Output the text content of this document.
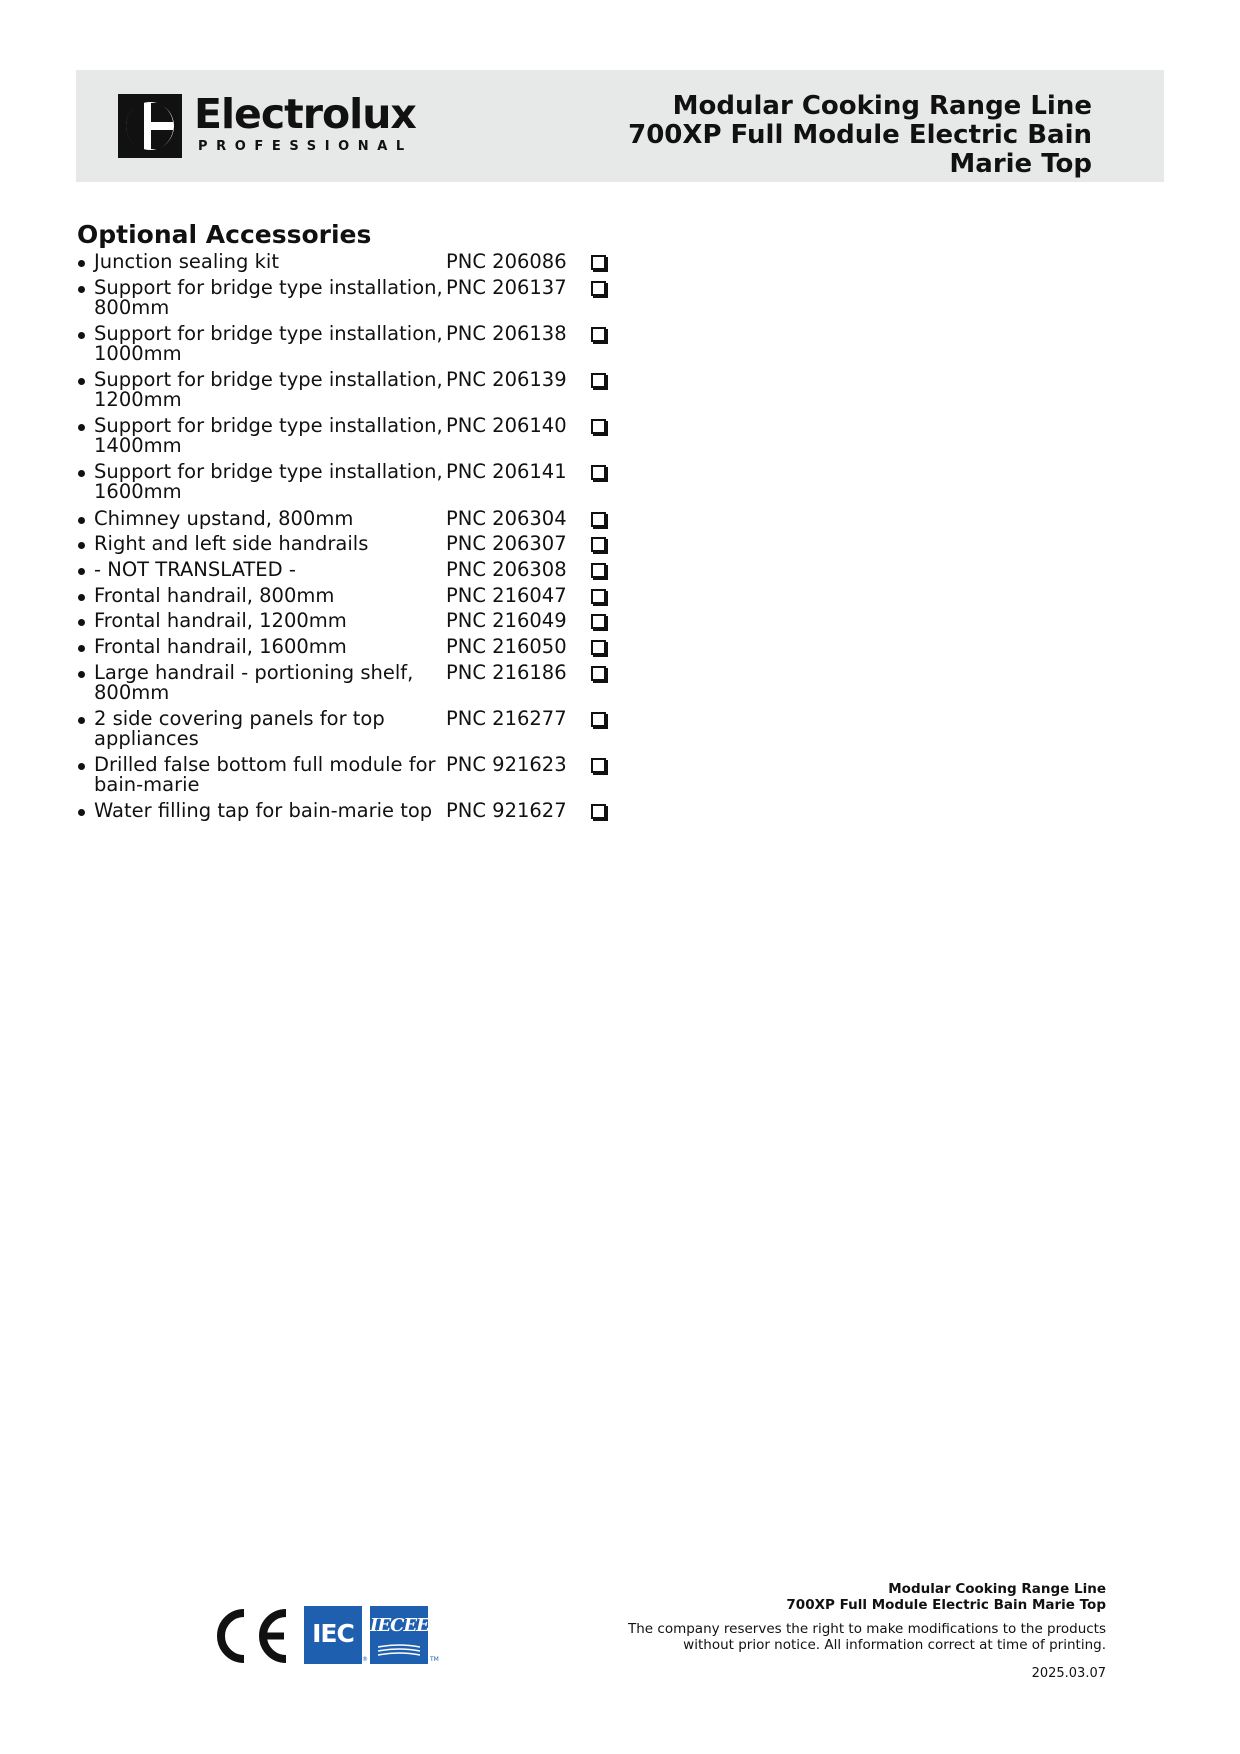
Electrolux
PROFESSIONAL
Modular Cooking Range Line 700XP Full Module Electric Bain Marie Top
Optional Accessories
Junction sealing kit	PNC 206086
Support for bridge type installation,
800mm
PNC 206137
Support for bridge type installation,
1000mm
PNC 206138
Support for bridge type installation,
1200mm
PNC 206139
Support for bridge type installation,
1400mm
PNC 206140
Support for bridge type installation,
1600mm
PNC 206141
Chimney upstand, 800mm	PNC 206304
Right and left side handrails	PNC 206307
- NOT TRANSLATED -	PNC 206308
Frontal handrail, 800mm	PNC 216047
Frontal handrail, 1200mm	PNC 216049
Frontal handrail, 1600mm	PNC 216050
Large handrail - portioning shelf,
800mm
PNC 216186
2 side covering panels for top
appliances
PNC 216277
Drilled false bottom full module for
bain-marie
PNC 921623
Water filling tap for bain-marie top PNC 921627
IEC
®
IECEE
TM
Modular Cooking Range Line
700XP Full Module Electric Bain Marie Top
The company reserves the right to make modifications to the products
without prior notice. All information correct at time of printing.
2025.03.07
